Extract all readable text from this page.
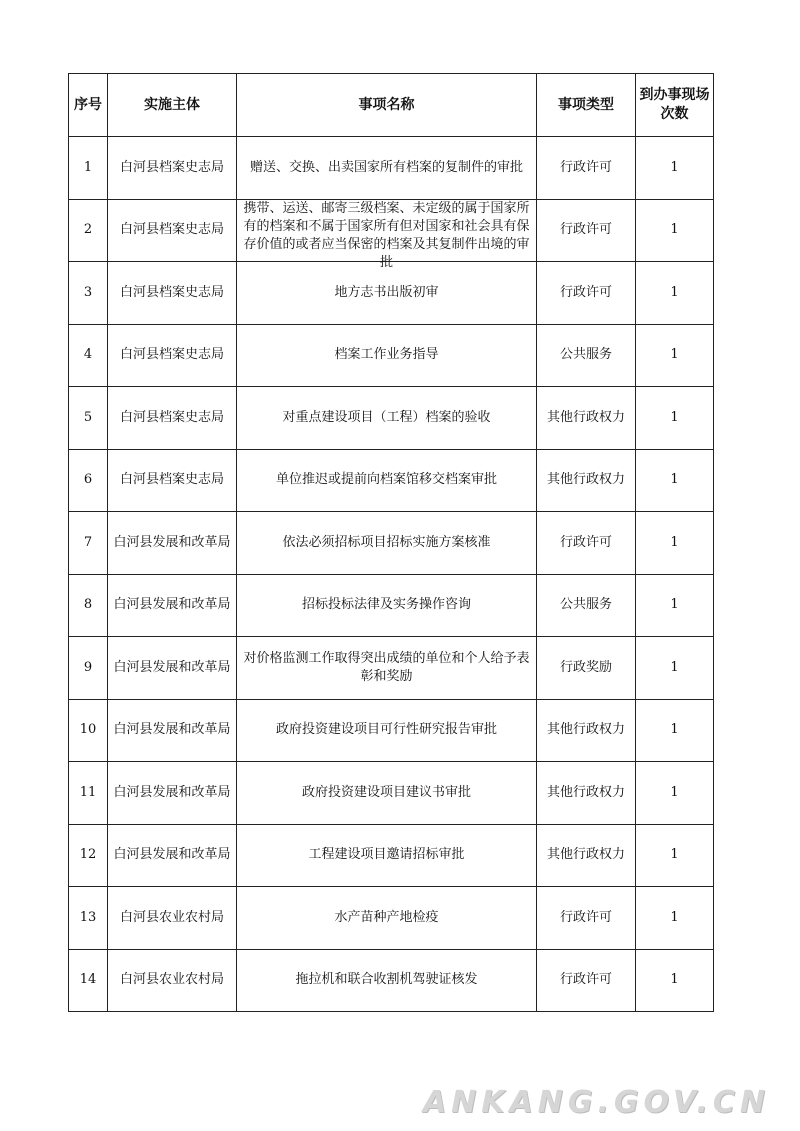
序号	实施主体	事项名称	事项类型	到办事现场次数
1	白河县档案史志局	赠送、交换、出卖国家所有档案的复制件的审批	行政许可	1
2	白河县档案史志局	携带、运送、邮寄三级档案、未定级的属于国家所有的档案和不属于国家所有但对国家和社会具有保存价值的或者应当保密的档案及其复制件出境的审批	行政许可	1
3	白河县档案史志局	地方志书出版初审	行政许可	1
4	白河县档案史志局	档案工作业务指导	公共服务	1
5	白河县档案史志局	对重点建设项目（工程）档案的验收	其他行政权力	1
6	白河县档案史志局	单位推迟或提前向档案馆移交档案审批	其他行政权力	1
7	白河县发展和改革局	依法必须招标项目招标实施方案核准	行政许可	1
8	白河县发展和改革局	招标投标法律及实务操作咨询	公共服务	1
9	白河县发展和改革局	对价格监测工作取得突出成绩的单位和个人给予表彰和奖励	行政奖励	1
10	白河县发展和改革局	政府投资建设项目可行性研究报告审批	其他行政权力	1
11	白河县发展和改革局	政府投资建设项目建议书审批	其他行政权力	1
12	白河县发展和改革局	工程建设项目邀请招标审批	其他行政权力	1
13	白河县农业农村局	水产苗种产地检疫	行政许可	1
14	白河县农业农村局	拖拉机和联合收割机驾驶证核发	行政许可	1
ANKANG.GOV.CN
